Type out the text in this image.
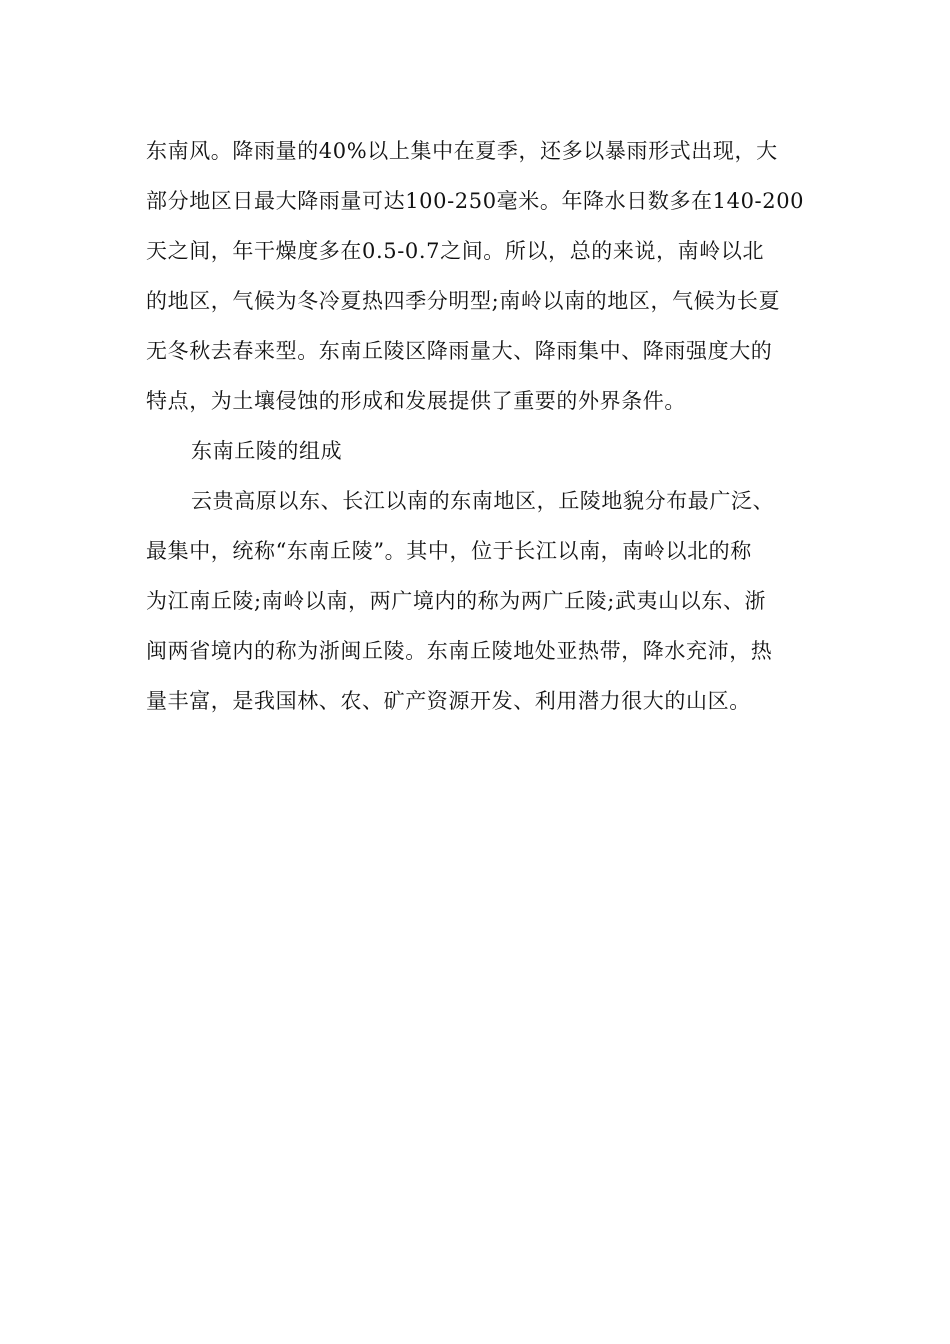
东南风。降雨量的40%以上集中在夏季，还多以暴雨形式出现，大
部分地区日最大降雨量可达100-250毫米。年降水日数多在140-200
天之间，年干燥度多在0.5-0.7之间。所以，总的来说，南岭以北
的地区，气候为冬冷夏热四季分明型;南岭以南的地区，气候为长夏
无冬秋去春来型。东南丘陵区降雨量大、降雨集中、降雨强度大的
特点，为土壤侵蚀的形成和发展提供了重要的外界条件。
东南丘陵的组成
云贵高原以东、长江以南的东南地区，丘陵地貌分布最广泛、
最集中，统称“东南丘陵”。其中，位于长江以南，南岭以北的称
为江南丘陵;南岭以南，两广境内的称为两广丘陵;武夷山以东、浙
闽两省境内的称为浙闽丘陵。东南丘陵地处亚热带，降水充沛，热
量丰富，是我国林、农、矿产资源开发、利用潜力很大的山区。
